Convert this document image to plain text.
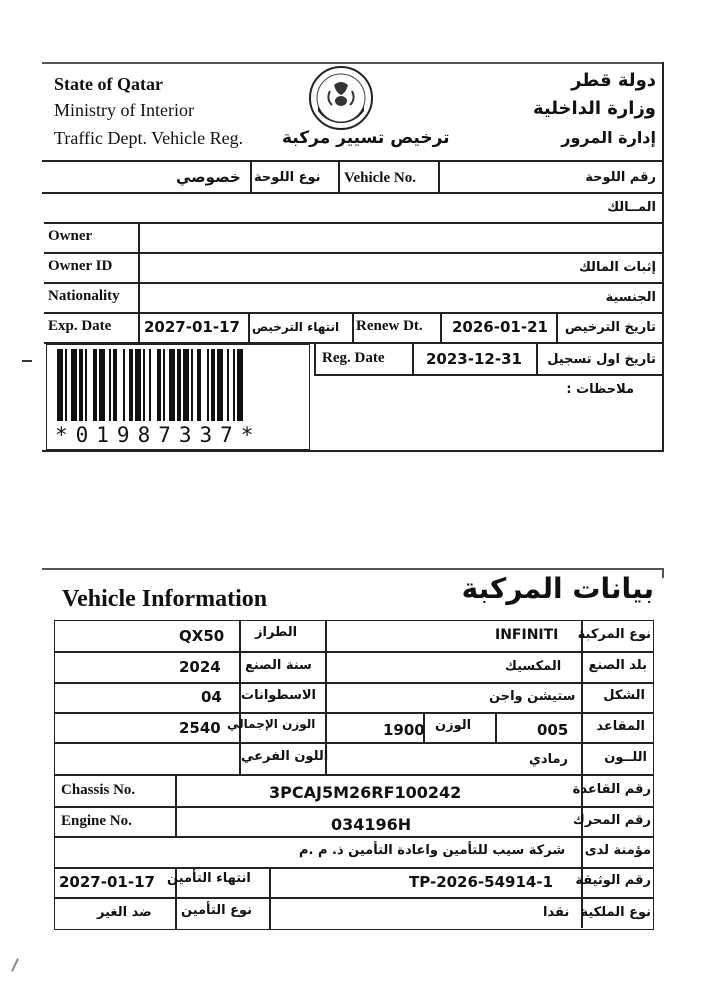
State of Qatar
Ministry of Interior
Traffic Dept. Vehicle Reg. ترخيص تسيير مركبة
دولة قطر
وزارة الداخلية
إدارة المرور
خصوصي نوع اللوحة Vehicle No.	رقم اللوحة
المــالك
Owner
Owner ID	إثبات المالك
Nationality	الجنسية
Exp. Date 2027-01-17 انتهاء الترخيص Renew Dt. 2026-01-21 تاريخ الترخيص
Reg. Date	2023-12-31 تاريخ اول تسجيل
ملاحظات :
*01987337*
Vehicle Information	بيانات المركبة
QX50 الطراز	INFINITI نوع المركبة
2024 سنة الصنع	المكسيك بلد الصنع
04 الاسطوانات	ستيشن واجن الشكل
2540 الوزن الإجمالي	1900 الوزن	005 المقاعد
اللون الفرعي	رمادي	اللــون
Chassis No.	3PCAJ5M26RF100242	رقم القاعدة
Engine No.	034196H	رقم المحرك
شركة سيب للتأمين واعادة التأمين ذ. م .م مؤمنة لدى
2027-01-17 انتهاء التأمين	TP-2026-54914-1 رقم الوثيقة
ضد الغير نوع التأمين	نقدا نوع الملكية
